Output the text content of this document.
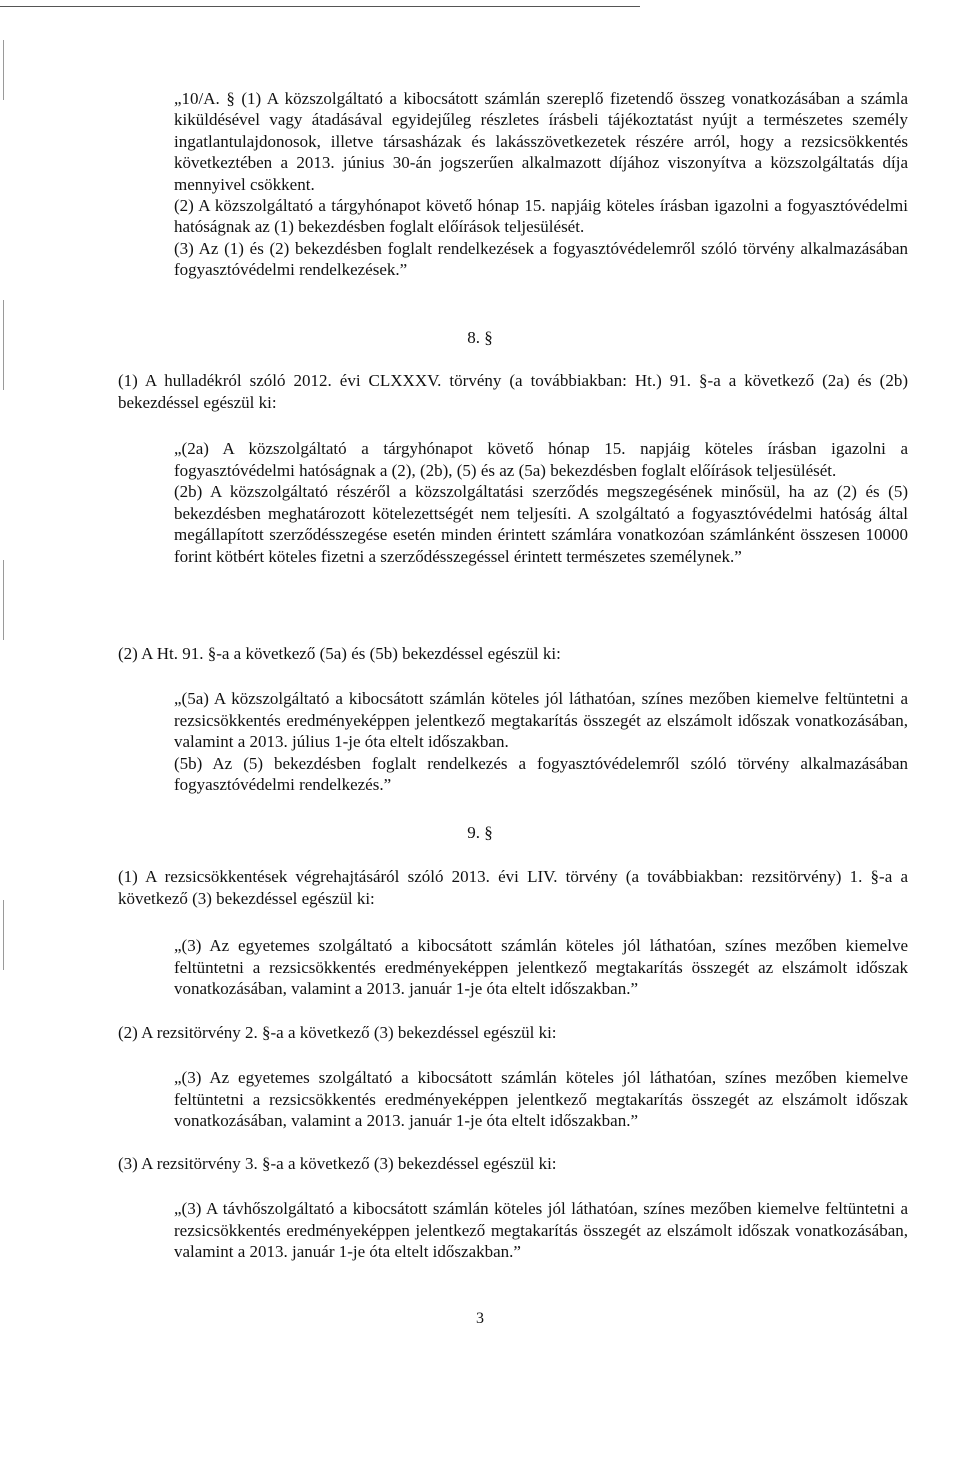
„10/A. § (1) A közszolgáltató a kibocsátott számlán szereplő fizetendő összeg vonatkozásában a számla kiküldésével vagy átadásával egyidejűleg részletes írásbeli tájékoztatást nyújt a természetes személy ingatlantulajdonosok, illetve társasházak és lakásszövetkezetek részére arról, hogy a rezsicsökkentés következtében a 2013. június 30-án jogszerűen alkalmazott díjához viszonyítva a közszolgáltatás díja mennyivel csökkent.

(2) A közszolgáltató a tárgyhónapot követő hónap 15. napjáig köteles írásban igazolni a fogyasztóvédelmi hatóságnak az (1) bekezdésben foglalt előírások teljesülését.

(3) Az (1) és (2) bekezdésben foglalt rendelkezések a fogyasztóvédelemről szóló törvény alkalmazásában fogyasztóvédelmi rendelkezések.”

8. §
(1) A hulladékról szóló 2012. évi CLXXXV. törvény (a továbbiakban: Ht.) 91. §-a a következő (2a) és (2b) bekezdéssel egészül ki:

„(2a) A közszolgáltató a tárgyhónapot követő hónap 15. napjáig köteles írásban igazolni a fogyasztóvédelmi hatóságnak a (2), (2b), (5) és az (5a) bekezdésben foglalt előírások teljesülését.

(2b) A közszolgáltató részéről a közszolgáltatási szerződés megszegésének minősül, ha az (2) és (5) bekezdésben meghatározott kötelezettségét nem teljesíti. A szolgáltató a fogyasztóvédelmi hatóság által megállapított szerződésszegése esetén minden érintett számlára vonatkozóan számlánként összesen 10000 forint kötbért köteles fizetni a szerződésszegéssel érintett természetes személynek.”

(2) A Ht. 91. §-a a következő (5a) és (5b) bekezdéssel egészül ki:

„(5a) A közszolgáltató a kibocsátott számlán köteles jól láthatóan, színes mezőben kiemelve feltüntetni a rezsicsökkentés eredményeképpen jelentkező megtakarítás összegét az elszámolt időszak vonatkozásában, valamint a 2013. július 1-je óta eltelt időszakban.

(5b) Az (5) bekezdésben foglalt rendelkezés a fogyasztóvédelemről szóló törvény alkalmazásában fogyasztóvédelmi rendelkezés.”

9. §
(1) A rezsicsökkentések végrehajtásáról szóló 2013. évi LIV. törvény (a továbbiakban: rezsitörvény) 1. §-a a következő (3) bekezdéssel egészül ki:
„(3) Az egyetemes szolgáltató a kibocsátott számlán köteles jól láthatóan, színes mezőben kiemelve feltüntetni a rezsicsökkentés eredményeképpen jelentkező megtakarítás összegét az elszámolt időszak vonatkozásában, valamint a 2013. január 1-je óta eltelt időszakban.”
(2) A rezsitörvény 2. §-a a következő (3) bekezdéssel egészül ki:
„(3) Az egyetemes szolgáltató a kibocsátott számlán köteles jól láthatóan, színes mezőben kiemelve feltüntetni a rezsicsökkentés eredményeképpen jelentkező megtakarítás összegét az elszámolt időszak vonatkozásában, valamint a 2013. január 1-je óta eltelt időszakban.”
(3) A rezsitörvény 3. §-a a következő (3) bekezdéssel egészül ki:
„(3) A távhőszolgáltató a kibocsátott számlán köteles jól láthatóan, színes mezőben kiemelve feltüntetni a rezsicsökkentés eredményeképpen jelentkező megtakarítás összegét az elszámolt időszak vonatkozásában, valamint a 2013. január 1-je óta eltelt időszakban.”
3
